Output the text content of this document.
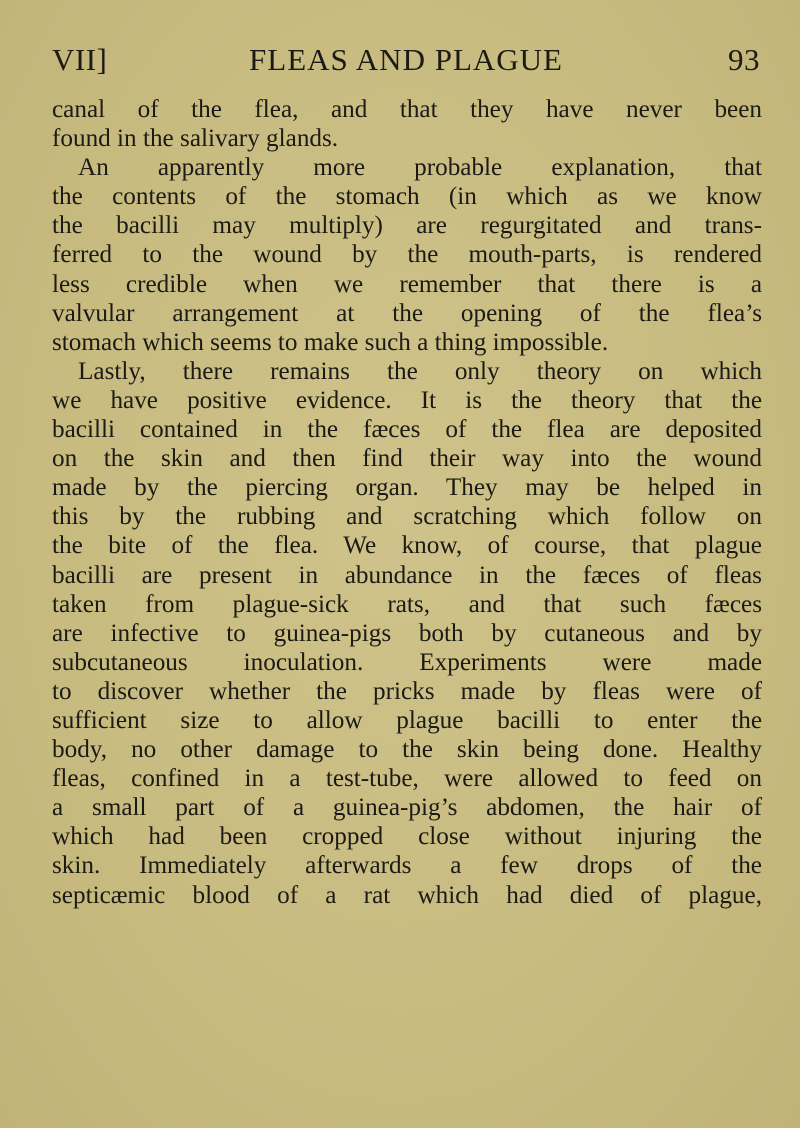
VII]	FLEAS AND PLAGUE	93
canal of the flea, and that they have never been
found in the salivary glands.
An apparently more probable explanation, that
the contents of the stomach (in which as we know
the bacilli may multiply) are regurgitated and trans-
ferred to the wound by the mouth-parts, is rendered
less credible when we remember that there is a
valvular arrangement at the opening of the flea’s
stomach which seems to make such a thing impossible.
Lastly, there remains the only theory on which
we have positive evidence. It is the theory that the
bacilli contained in the fæces of the flea are deposited
on the skin and then find their way into the wound
made by the piercing organ. They may be helped in
this by the rubbing and scratching which follow on
the bite of the flea. We know, of course, that plague
bacilli are present in abundance in the fæces of fleas
taken from plague-sick rats, and that such fæces
are infective to guinea-pigs both by cutaneous and by
subcutaneous inoculation. Experiments were made
to discover whether the pricks made by fleas were of
sufficient size to allow plague bacilli to enter the
body, no other damage to the skin being done. Healthy
fleas, confined in a test-tube, were allowed to feed on
a small part of a guinea-pig’s abdomen, the hair of
which had been cropped close without injuring the
skin. Immediately afterwards a few drops of the
septicæmic blood of a rat which had died of plague,
